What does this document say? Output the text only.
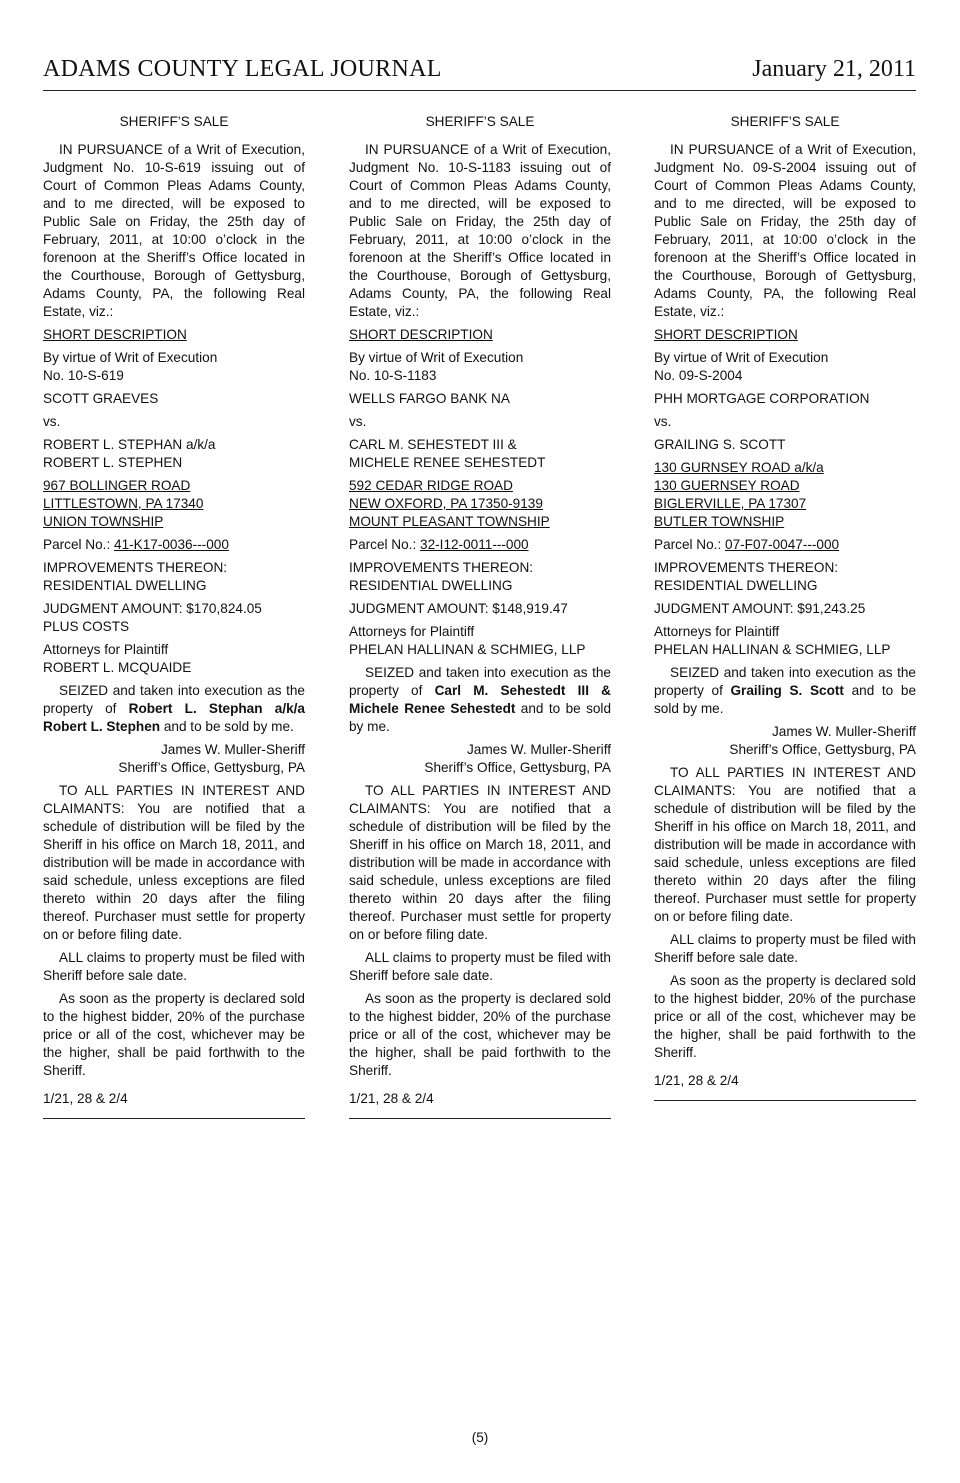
ADAMS COUNTY LEGAL JOURNAL	January 21, 2011

SHERIFF’S SALE

IN PURSUANCE of a Writ of Execution, Judgment No. 10-S-619 issuing out of Court of Common Pleas Adams County, and to me directed, will be exposed to Public Sale on Friday, the 25th day of February, 2011, at 10:00 o’clock in the forenoon at the Sheriff’s Office located in the Courthouse, Borough of Gettysburg, Adams County, PA, the following Real Estate, viz.:

SHORT DESCRIPTION

By virtue of Writ of Execution
No. 10-S-619

SCOTT GRAEVES

vs.

ROBERT L. STEPHAN a/k/a
ROBERT L. STEPHEN

967 BOLLINGER ROAD
LITTLESTOWN, PA 17340
UNION TOWNSHIP

Parcel No.: 41-K17-0036---000

IMPROVEMENTS THEREON:
RESIDENTIAL DWELLING

JUDGMENT AMOUNT: $170,824.05
PLUS COSTS

Attorneys for Plaintiff
ROBERT L. MCQUAIDE

SEIZED and taken into execution as the property of Robert L. Stephan a/k/a Robert L. Stephen and to be sold by me.

James W. Muller-Sheriff
Sheriff’s Office, Gettysburg, PA

TO ALL PARTIES IN INTEREST AND CLAIMANTS: You are notified that a schedule of distribution will be filed by the Sheriff in his office on March 18, 2011, and distribution will be made in accordance with said schedule, unless exceptions are filed thereto within 20 days after the filing thereof. Purchaser must settle for property on or before filing date.

ALL claims to property must be filed with Sheriff before sale date.

As soon as the property is declared sold to the highest bidder, 20% of the purchase price or all of the cost, whichever may be the higher, shall be paid forthwith to the Sheriff.

1/21, 28 & 2/4

SHERIFF’S SALE

IN PURSUANCE of a Writ of Execution, Judgment No. 10-S-1183 issuing out of Court of Common Pleas Adams County, and to me directed, will be exposed to Public Sale on Friday, the 25th day of February, 2011, at 10:00 o’clock in the forenoon at the Sheriff’s Office located in the Courthouse, Borough of Gettysburg, Adams County, PA, the following Real Estate, viz.:

SHORT DESCRIPTION

By virtue of Writ of Execution
No. 10-S-1183

WELLS FARGO BANK NA

vs.

CARL M. SEHESTEDT III &
MICHELE RENEE SEHESTEDT

592 CEDAR RIDGE ROAD
NEW OXFORD, PA 17350-9139
MOUNT PLEASANT TOWNSHIP

Parcel No.: 32-I12-0011---000

IMPROVEMENTS THEREON:
RESIDENTIAL DWELLING

JUDGMENT AMOUNT: $148,919.47

Attorneys for Plaintiff
PHELAN HALLINAN & SCHMIEG, LLP

SEIZED and taken into execution as the property of Carl M. Sehestedt III & Michele Renee Sehestedt and to be sold by me.

James W. Muller-Sheriff
Sheriff’s Office, Gettysburg, PA

TO ALL PARTIES IN INTEREST AND CLAIMANTS: You are notified that a schedule of distribution will be filed by the Sheriff in his office on March 18, 2011, and distribution will be made in accordance with said schedule, unless exceptions are filed thereto within 20 days after the filing thereof. Purchaser must settle for property on or before filing date.

ALL claims to property must be filed with Sheriff before sale date.

As soon as the property is declared sold to the highest bidder, 20% of the purchase price or all of the cost, whichever may be the higher, shall be paid forthwith to the Sheriff.

1/21, 28 & 2/4

SHERIFF’S SALE

IN PURSUANCE of a Writ of Execution, Judgment No. 09-S-2004 issuing out of Court of Common Pleas Adams County, and to me directed, will be exposed to Public Sale on Friday, the 25th day of February, 2011, at 10:00 o’clock in the forenoon at the Sheriff’s Office located in the Courthouse, Borough of Gettysburg, Adams County, PA, the following Real Estate, viz.:

SHORT DESCRIPTION

By virtue of Writ of Execution
No. 09-S-2004

PHH MORTGAGE CORPORATION

vs.

GRAILING S. SCOTT

130 GURNSEY ROAD a/k/a
130 GUERNSEY ROAD
BIGLERVILLE, PA 17307
BUTLER TOWNSHIP

Parcel No.: 07-F07-0047---000

IMPROVEMENTS THEREON:
RESIDENTIAL DWELLING

JUDGMENT AMOUNT: $91,243.25

Attorneys for Plaintiff
PHELAN HALLINAN & SCHMIEG, LLP

SEIZED and taken into execution as the property of Grailing S. Scott and to be sold by me.

James W. Muller-Sheriff
Sheriff’s Office, Gettysburg, PA

TO ALL PARTIES IN INTEREST AND CLAIMANTS: You are notified that a schedule of distribution will be filed by the Sheriff in his office on March 18, 2011, and distribution will be made in accordance with said schedule, unless exceptions are filed thereto within 20 days after the filing thereof. Purchaser must settle for property on or before filing date.

ALL claims to property must be filed with Sheriff before sale date.

As soon as the property is declared sold to the highest bidder, 20% of the purchase price or all of the cost, whichever may be the higher, shall be paid forthwith to the Sheriff.

1/21, 28 & 2/4

(5)
